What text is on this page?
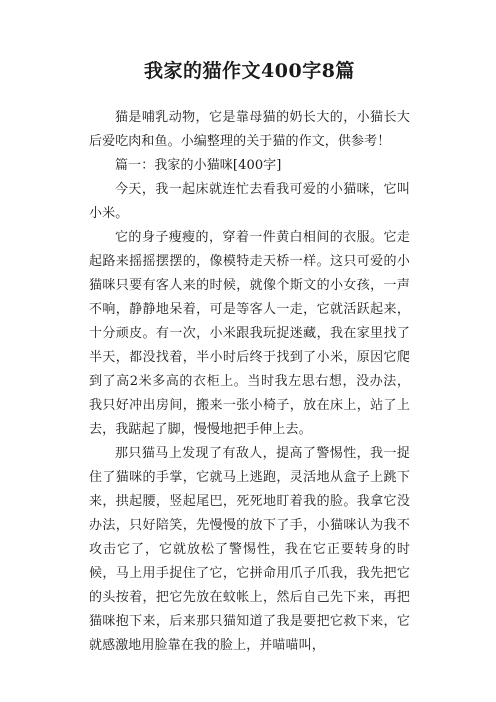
我家的猫作文400字8篇

猫是哺乳动物，它是靠母猫的奶长大的，小猫长大后爱吃肉和鱼。小编整理的关于猫的作文，供参考！

篇一：我家的小猫咪[400字]

今天，我一起床就连忙去看我可爱的小猫咪，它叫小米。

它的身子瘦瘦的，穿着一件黄白相间的衣服。它走起路来摇摇摆摆的，像模特走天桥一样。这只可爱的小猫咪只要有客人来的时候，就像个斯文的小女孩，一声不响，静静地呆着，可是等客人一走，它就活跃起来，十分顽皮。有一次，小米跟我玩捉迷藏，我在家里找了半天，都没找着，半小时后终于找到了小米，原因它爬到了高2米多高的衣柜上。当时我左思右想，没办法，我只好冲出房间，搬来一张小椅子，放在床上，站了上去，我踮起了脚，慢慢地把手伸上去。

那只猫马上发现了有敌人，提高了警惕性，我一捉住了猫咪的手掌，它就马上逃跑，灵活地从盒子上跳下来，拱起腰，竖起尾巴，死死地盯着我的脸。我拿它没办法，只好陪笑，先慢慢的放下了手，小猫咪认为我不攻击它了，它就放松了警惕性，我在它正要转身的时候，马上用手捉住了它，它拼命用爪子爪我，我先把它的头按着，把它先放在蚊帐上，然后自己先下来，再把猫咪抱下来，后来那只猫知道了我是要把它救下来，它就感激地用脸靠在我的脸上，并喵喵叫，
